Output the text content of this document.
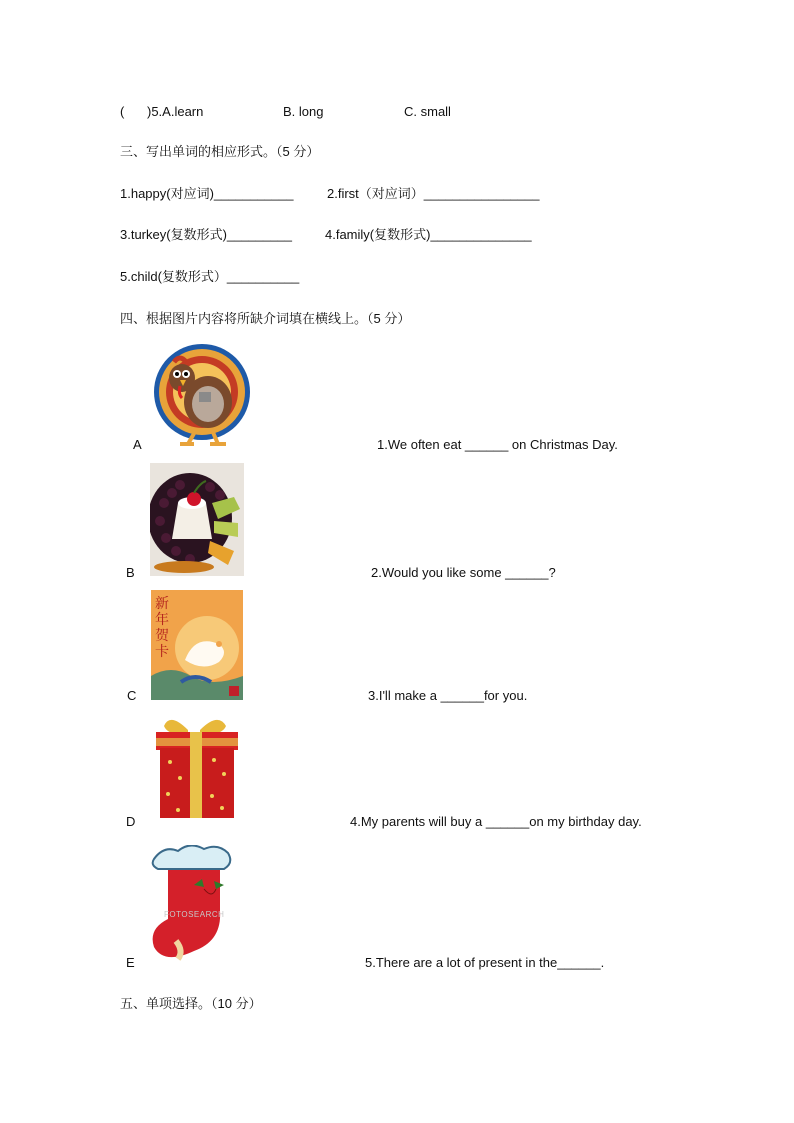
( )5.A.learn	B. long	C. small
三、写出单词的相应形式。（5 分）
1.happy(对应词)___________	2.first（对应词）________________
3.turkey(复数形式)_________	4.family(复数形式)______________
5.child(复数形式）__________
四、根据图片内容将所缺介词填在横线上。（5 分）
A	1.We often eat ______ on Christmas Day.
B	2.Would you like some ______?
新
年
贺
卡
C	3.I'll make a ______for you.
D	4.My parents will buy a ______on my birthday day.
FOTOSEARCH
E	5.There are a lot of present in the______.
五、单项选择。（10 分）
